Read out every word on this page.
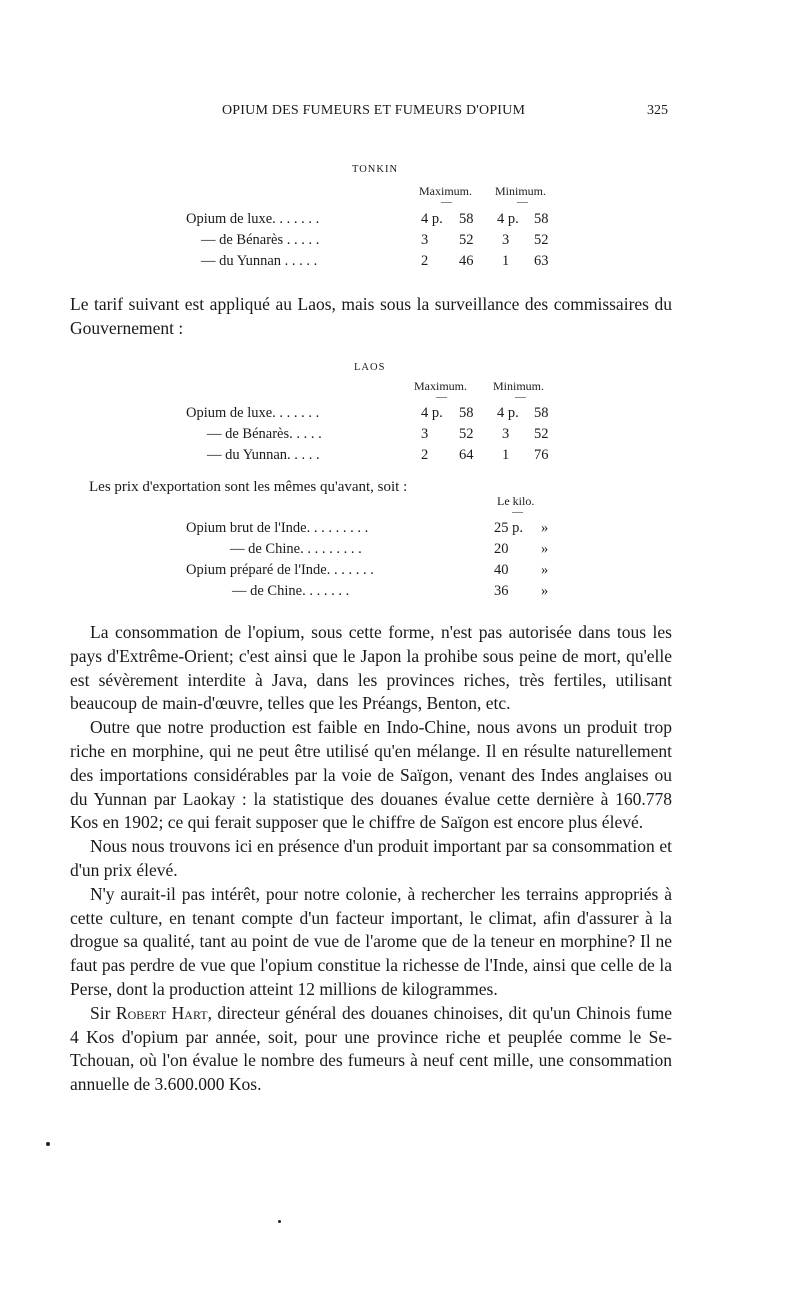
OPIUM DES FUMEURS ET FUMEURS D'OPIUM	325
TONKIN
Maximum. Minimum.
—	—
Opium de luxe. . . . . . .	4 p. 58 4 p. 58
— de Bénarès . . . . .	3 52 3 52
— du Yunnan . . . . .	2 46 1 63

Le tarif suivant est appliqué au Laos, mais sous la surveillance des commissaires du Gouvernement :

LAOS
Maximum. Minimum.
—	—
Opium de luxe. . . . . . .	4 p. 58 4 p. 58
— de Bénarès. . . . .	3 52 3 52
— du Yunnan. . . . .	2 64 1 76
Les prix d'exportation sont les mêmes qu'avant, soit :
Le kilo.
—
Opium brut de l'Inde. . . . . . . . .	25 p. »
— de Chine. . . . . . . . .	20 »
Opium préparé de l'Inde. . . . . . .	40 »
— de Chine. . . . . . .	36 »

La consommation de l'opium, sous cette forme, n'est pas autorisée dans tous les pays d'Extrême-Orient; c'est ainsi que le Japon la prohibe sous peine de mort, qu'elle est sévèrement interdite à Java, dans les provinces riches, très fertiles, utilisant beaucoup de main-d'œuvre, telles que les Préangs, Benton, etc.

Outre que notre production est faible en Indo-Chine, nous avons un produit trop riche en morphine, qui ne peut être utilisé qu'en mélange. Il en résulte naturellement des importations considérables par la voie de Saïgon, venant des Indes anglaises ou du Yunnan par Laokay : la statistique des douanes évalue cette dernière à 160.778 Kos en 1902; ce qui ferait supposer que le chiffre de Saïgon est encore plus élevé.

Nous nous trouvons ici en présence d'un produit important par sa consommation et d'un prix élevé.

N'y aurait-il pas intérêt, pour notre colonie, à rechercher les terrains appropriés à cette culture, en tenant compte d'un facteur important, le climat, afin d'assurer à la drogue sa qualité, tant au point de vue de l'arome que de la teneur en morphine? Il ne faut pas perdre de vue que l'opium constitue la richesse de l'Inde, ainsi que celle de la Perse, dont la production atteint 12 millions de kilogrammes.

Sir Robert Hart, directeur général des douanes chinoises, dit qu'un Chinois fume 4 Kos d'opium par année, soit, pour une province riche et peuplée comme le Se-Tchouan, où l'on évalue le nombre des fumeurs à neuf cent mille, une consommation annuelle de 3.600.000 Kos.
